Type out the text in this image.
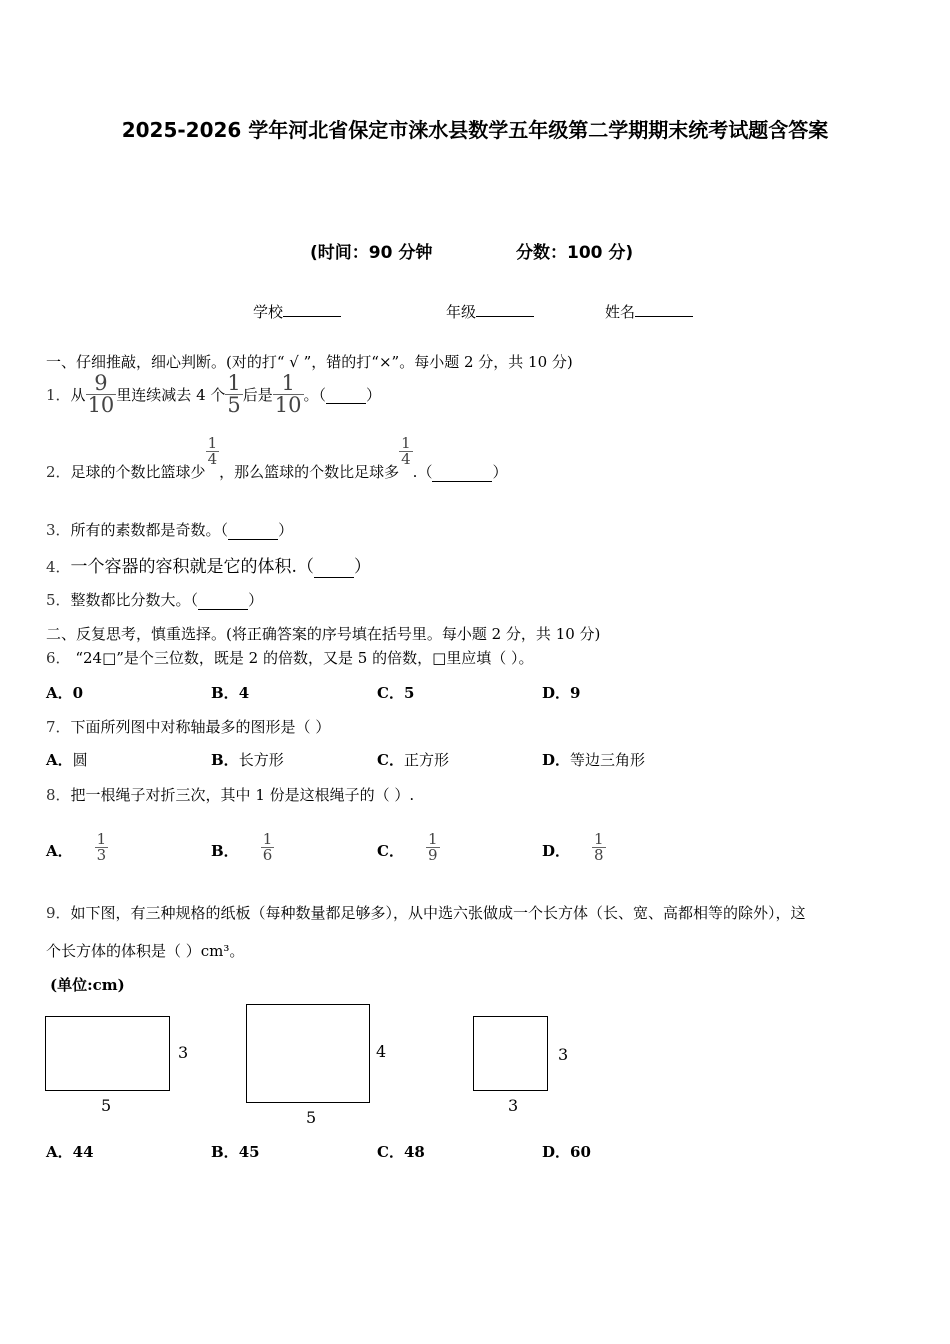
2025-2026 学年河北省保定市涞水县数学五年级第二学期期末统考试题含答案
(时间：90 分钟	分数：100 分)
学校	年级	姓名
一、仔细推敲，细心判断。(对的打“ √ ”，错的打“×”。每小题 2 分，共 10 分)
1． 从 $\frac{9}{10}$ 里连续减去 4 个 $\frac{1}{5}$ 后是 $\frac{1}{10}$ 。（
	）
2． 足球的个数比篮球少
$\frac{1}{4}$
，那么篮球的个数比足球多
$\frac{1}{4}$
.（
	）
3．所有的素数都是奇数。（	）
4．一个容器的容积就是它的体积.（ ）
5．整数都比分数大。（	）
二、反复思考，慎重选择。(将正确答案的序号填在括号里。每小题 2 分，共 10 分)
6． “24□”是个三位数，既是 2 的倍数，又是 5 的倍数，□里应填（ ）。
A．0	B．4	C．5	D．9
7．下面所列图中对称轴最多的图形是（ ）
A．圆	B．长方形	C．正方形	D．等边三角形
8．把一根绳子对折三次，其中 1 份是这根绳子的（ ）.
A． $\frac{1}{3}$	B． $\frac{1}{6}$	C． $\frac{1}{9}$	D． $\frac{1}{8}$
9．如下图，有三种规格的纸板（每种数量都足够多），从中选六张做成一个长方体（长、宽、高都相等的除外），这
个长方体的体积是（ ）cm³。
(单位:cm)
3
5
4
5
3
3
A．44	B．45	C．48	D．60
